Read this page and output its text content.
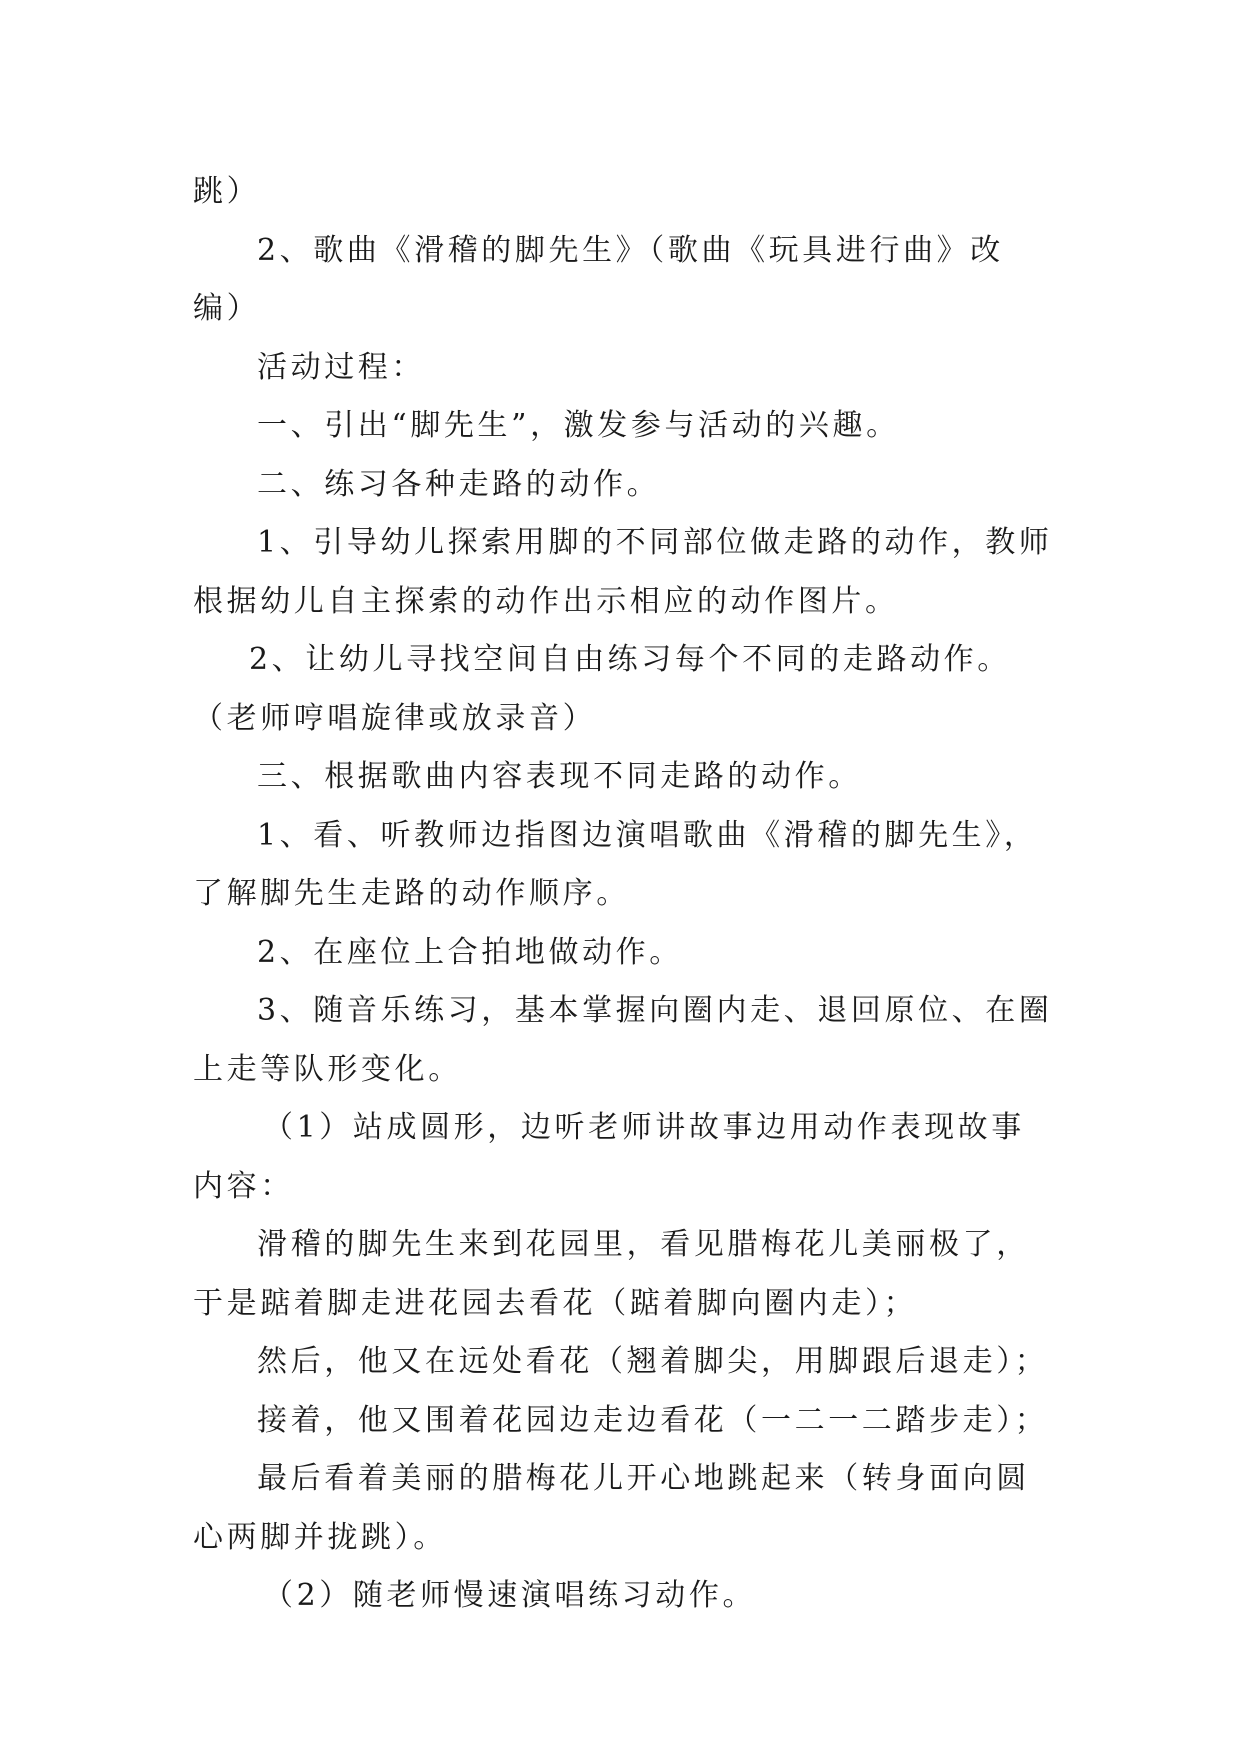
跳）

2、歌曲《滑稽的脚先生》（歌曲《玩具进行曲》改编）

活动过程：

一、引出“脚先生”，激发参与活动的兴趣。

二、练习各种走路的动作。

1、引导幼儿探索用脚的不同部位做走路的动作，教师根据幼儿自主探索的动作出示相应的动作图片。

2、让幼儿寻找空间自由练习每个不同的走路动作。（老师哼唱旋律或放录音）

三、根据歌曲内容表现不同走路的动作。

1、看、听教师边指图边演唱歌曲《滑稽的脚先生》，了解脚先生走路的动作顺序。

2、在座位上合拍地做动作。

3、随音乐练习，基本掌握向圈内走、退回原位、在圈上走等队形变化。

（1）站成圆形，边听老师讲故事边用动作表现故事内容：

滑稽的脚先生来到花园里，看见腊梅花儿美丽极了，于是踮着脚走进花园去看花（踮着脚向圈内走）；

然后，他又在远处看花（翘着脚尖，用脚跟后退走）；

接着，他又围着花园边走边看花（一二一二踏步走）；

最后看着美丽的腊梅花儿开心地跳起来（转身面向圆心两脚并拢跳）。

（2）随老师慢速演唱练习动作。
